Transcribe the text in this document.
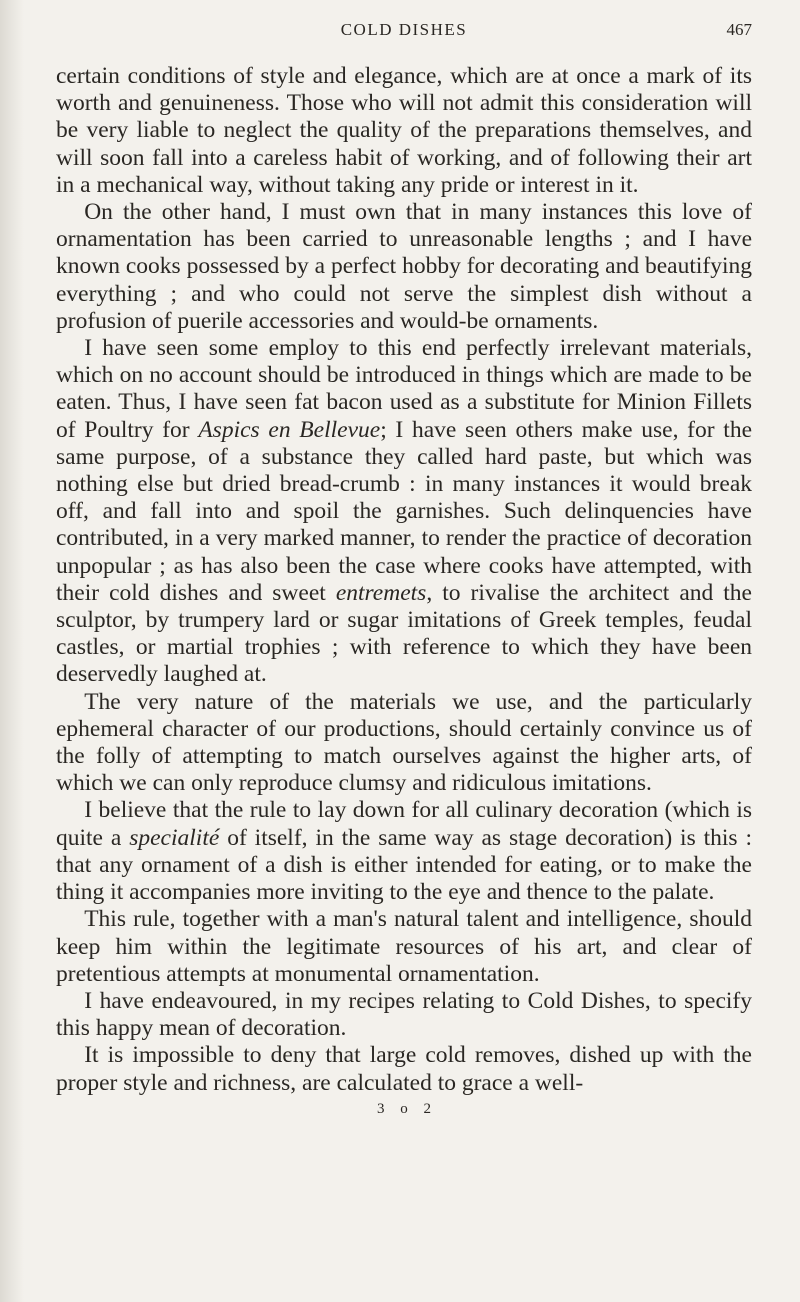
COLD DISHES	467

certain conditions of style and elegance, which are at once a mark of its worth and genuineness. Those who will not admit this consideration will be very liable to neglect the quality of the preparations themselves, and will soon fall into a careless habit of working, and of following their art in a mechanical way, without taking any pride or interest in it.

On the other hand, I must own that in many instances this love of ornamentation has been carried to unreasonable lengths ; and I have known cooks possessed by a perfect hobby for decorating and beautifying everything ; and who could not serve the simplest dish without a profusion of puerile accessories and would-be ornaments.

I have seen some employ to this end perfectly irrelevant materials, which on no account should be introduced in things which are made to be eaten. Thus, I have seen fat bacon used as a substitute for Minion Fillets of Poultry for Aspics en Bellevue; I have seen others make use, for the same purpose, of a substance they called hard paste, but which was nothing else but dried bread-crumb : in many instances it would break off, and fall into and spoil the garnishes. Such delinquencies have contributed, in a very marked manner, to render the practice of decoration unpopular ; as has also been the case where cooks have attempted, with their cold dishes and sweet entremets, to rivalise the architect and the sculptor, by trumpery lard or sugar imitations of Greek temples, feudal castles, or martial trophies ; with reference to which they have been deservedly laughed at.

The very nature of the materials we use, and the particularly ephemeral character of our productions, should certainly convince us of the folly of attempting to match ourselves against the higher arts, of which we can only reproduce clumsy and ridiculous imitations.

I believe that the rule to lay down for all culinary decoration (which is quite a specialité of itself, in the same way as stage decoration) is this : that any ornament of a dish is either intended for eating, or to make the thing it accompanies more inviting to the eye and thence to the palate.

This rule, together with a man's natural talent and intelligence, should keep him within the legitimate resources of his art, and clear of pretentious attempts at monumental ornamentation.

I have endeavoured, in my recipes relating to Cold Dishes, to specify this happy mean of decoration.

It is impossible to deny that large cold removes, dished up with the proper style and richness, are calculated to grace a well-

3 o 2
